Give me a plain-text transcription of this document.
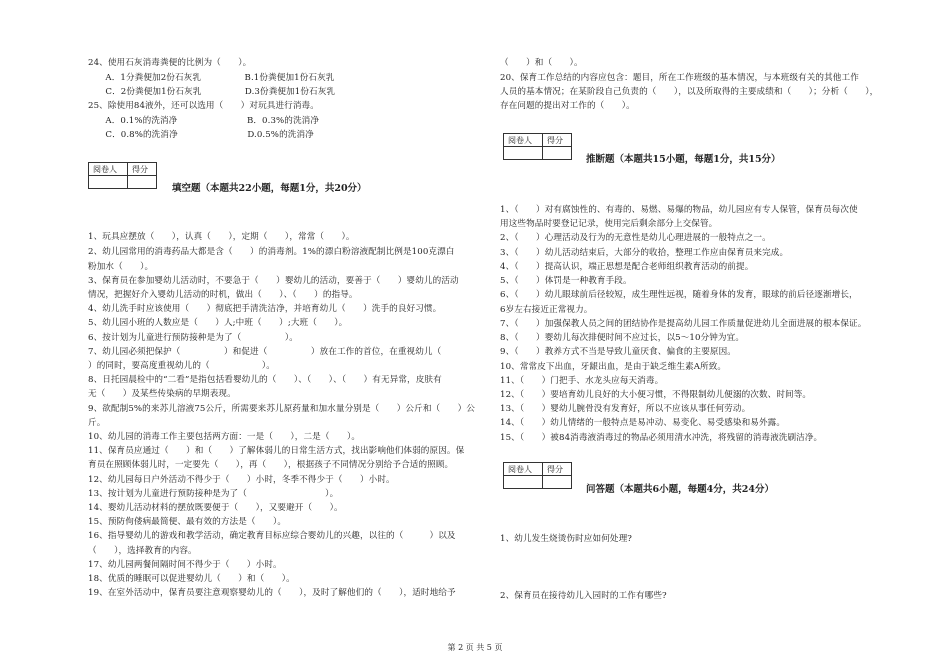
24、使用石灰消毒粪便的比例为（　　）。
　　A．1分粪便加2份石灰乳　　　　　B.1份粪便加1份石灰乳
　　C．2份粪便加1份石灰乳　　　　　D.3份粪便加1份石灰乳
25、除使用84液外，还可以选用（　　）对玩具进行消毒。
　　A．0.1%的洗消净　　　　　　　　B．0.3%的洗消净
　　C．0.8%的洗消净　　　　　　　　D.0.5%的洗消净
阅卷人	得分

填空题（本题共22小题，每题1分，共20分）
1、玩具应摆放（　　），认真（　　），定期（　　），常常（　　）。
2、幼儿园常用的消毒药品大都是含（　　）的消毒剂。1%的漂白粉溶液配制比例是100克漂白
粉加水（　　）。
3、保育员在参加婴幼儿活动时，不要急于（　　）婴幼儿的活动，要善于（　　）婴幼儿的活动
情况，把握好介入婴幼儿活动的时机，做出（　　）、（　　）的指导。
4、幼儿洗手时应该使用（　　）彻底把手清洗洁净，并培育幼儿（　　）洗手的良好习惯。
5、幼儿园小班的人数应是（　　）人;中班（　　）;大班（　　）。
6、按计划为儿童进行预防接种是为了（　　　　　）。
7、幼儿园必须把保护（　　　　　）和促进（　　　　　）放在工作的首位，在重视幼儿（　　
）的同时，要高度重视幼儿的（　　　　　　）。
8、日托园晨检中的“二看”是指包括看婴幼儿的（　　）、（　　）、（　　）有无异常，皮肤有
无（　　）及某些传染病的早期表现。
9、欲配制5%的来苏儿溶液75公斤，所需要来苏儿原药量和加水量分别是（　　）公斤和（　　）公
斤。
10、幼儿园的消毒工作主要包括两方面：一是（　　），二是（　　）。
11、保育员应通过（　　）和（　　）了解体弱儿的日常生活方式，找出影响他们体弱的原因。保
育员在照顾体弱儿时，一定要先（　　），再（　　），根据孩子不同情况分别给予合适的照顾。
12、幼儿园每日户外活动不得少于（　　）小时，冬季不得少于（　　）小时。
13、按计划为儿童进行预防接种是为了（　　　　　　　　　）。
14、婴幼儿活动材料的摆放既要便于（　　），又要避开（　　）。
15、预防佝偻病最简便、最有效的方法是（　　）。
16、指导婴幼儿的游戏和教学活动，确定教育目标应综合婴幼儿的兴趣，以往的（　　　）以及
（　　），选择教育的内容。
17、幼儿园两餐间隔时间不得少于（　　）小时。
18、优质的睡眠可以促进婴幼儿（　　）和（　　）。
19、在室外活动中，保育员要注意观察婴幼儿的（　　），及时了解他们的（　　），适时地给予
（　　）和（　　）。
20、保育工作总结的内容应包含：题目，所在工作班级的基本情况，与本班级有关的其他工作
人员的基本情况；在某阶段自己负责的（　　），以及所取得的主要成绩和（　　）；分析（　　），
存在问题的提出对工作的（　　）。
阅卷人	得分

推断题（本题共15小题，每题1分，共15分）
1、（　　）对有腐蚀性的、有毒的、易燃、易爆的物品，幼儿园应有专人保管，保育员每次使
用这些物品时要登记记录，使用完后剩余部分上交保管。
2、（　　）心理活动及行为的无意性是幼儿心理进展的一般特点之一。
3、（　　）幼儿活动结束后，大部分的收拾，整理工作应由保育员来完成。
4、（　　）提高认识，端正思想是配合老师组织教育活动的前提。
5、（　　）体罚是一种教育手段。
6、（　　）幼儿眼球前后径较短，成生理性远视，随着身体的发育，眼球的前后径逐渐增长，
6岁左右接近正常视力。
7、（　　）加强保教人员之间的团结协作是提高幼儿园工作质量促进幼儿全面进展的根本保证。
8、（　　）婴幼儿每次排便时间不应过长，以5～10分钟为宜。
9、（　　）教养方式不当是导致儿童厌食、偏食的主要原因。
10、常常皮下出血，牙龈出血，是由于缺乏维生素A所致。
11、（　　）门把手、水龙头应每天消毒。
12、（　　）要培育幼儿良好的大小便习惯，不得限制幼儿便溺的次数、时间等。
13、（　　）婴幼儿腕骨没有发育好，所以不应该从事任何劳动。
14、（　　）幼儿情绪的一般特点是易冲动、易变化、易受感染和易外露。
15、（　　）被84消毒液消毒过的物品必须用清水冲洗，将残留的消毒液洗刷洁净。
阅卷人	得分

问答题（本题共6小题，每题4分，共24分）
1、幼儿发生烧烫伤时应如何处理?
2、保育员在接待幼儿入园时的工作有哪些?
第 2 页 共 5 页
